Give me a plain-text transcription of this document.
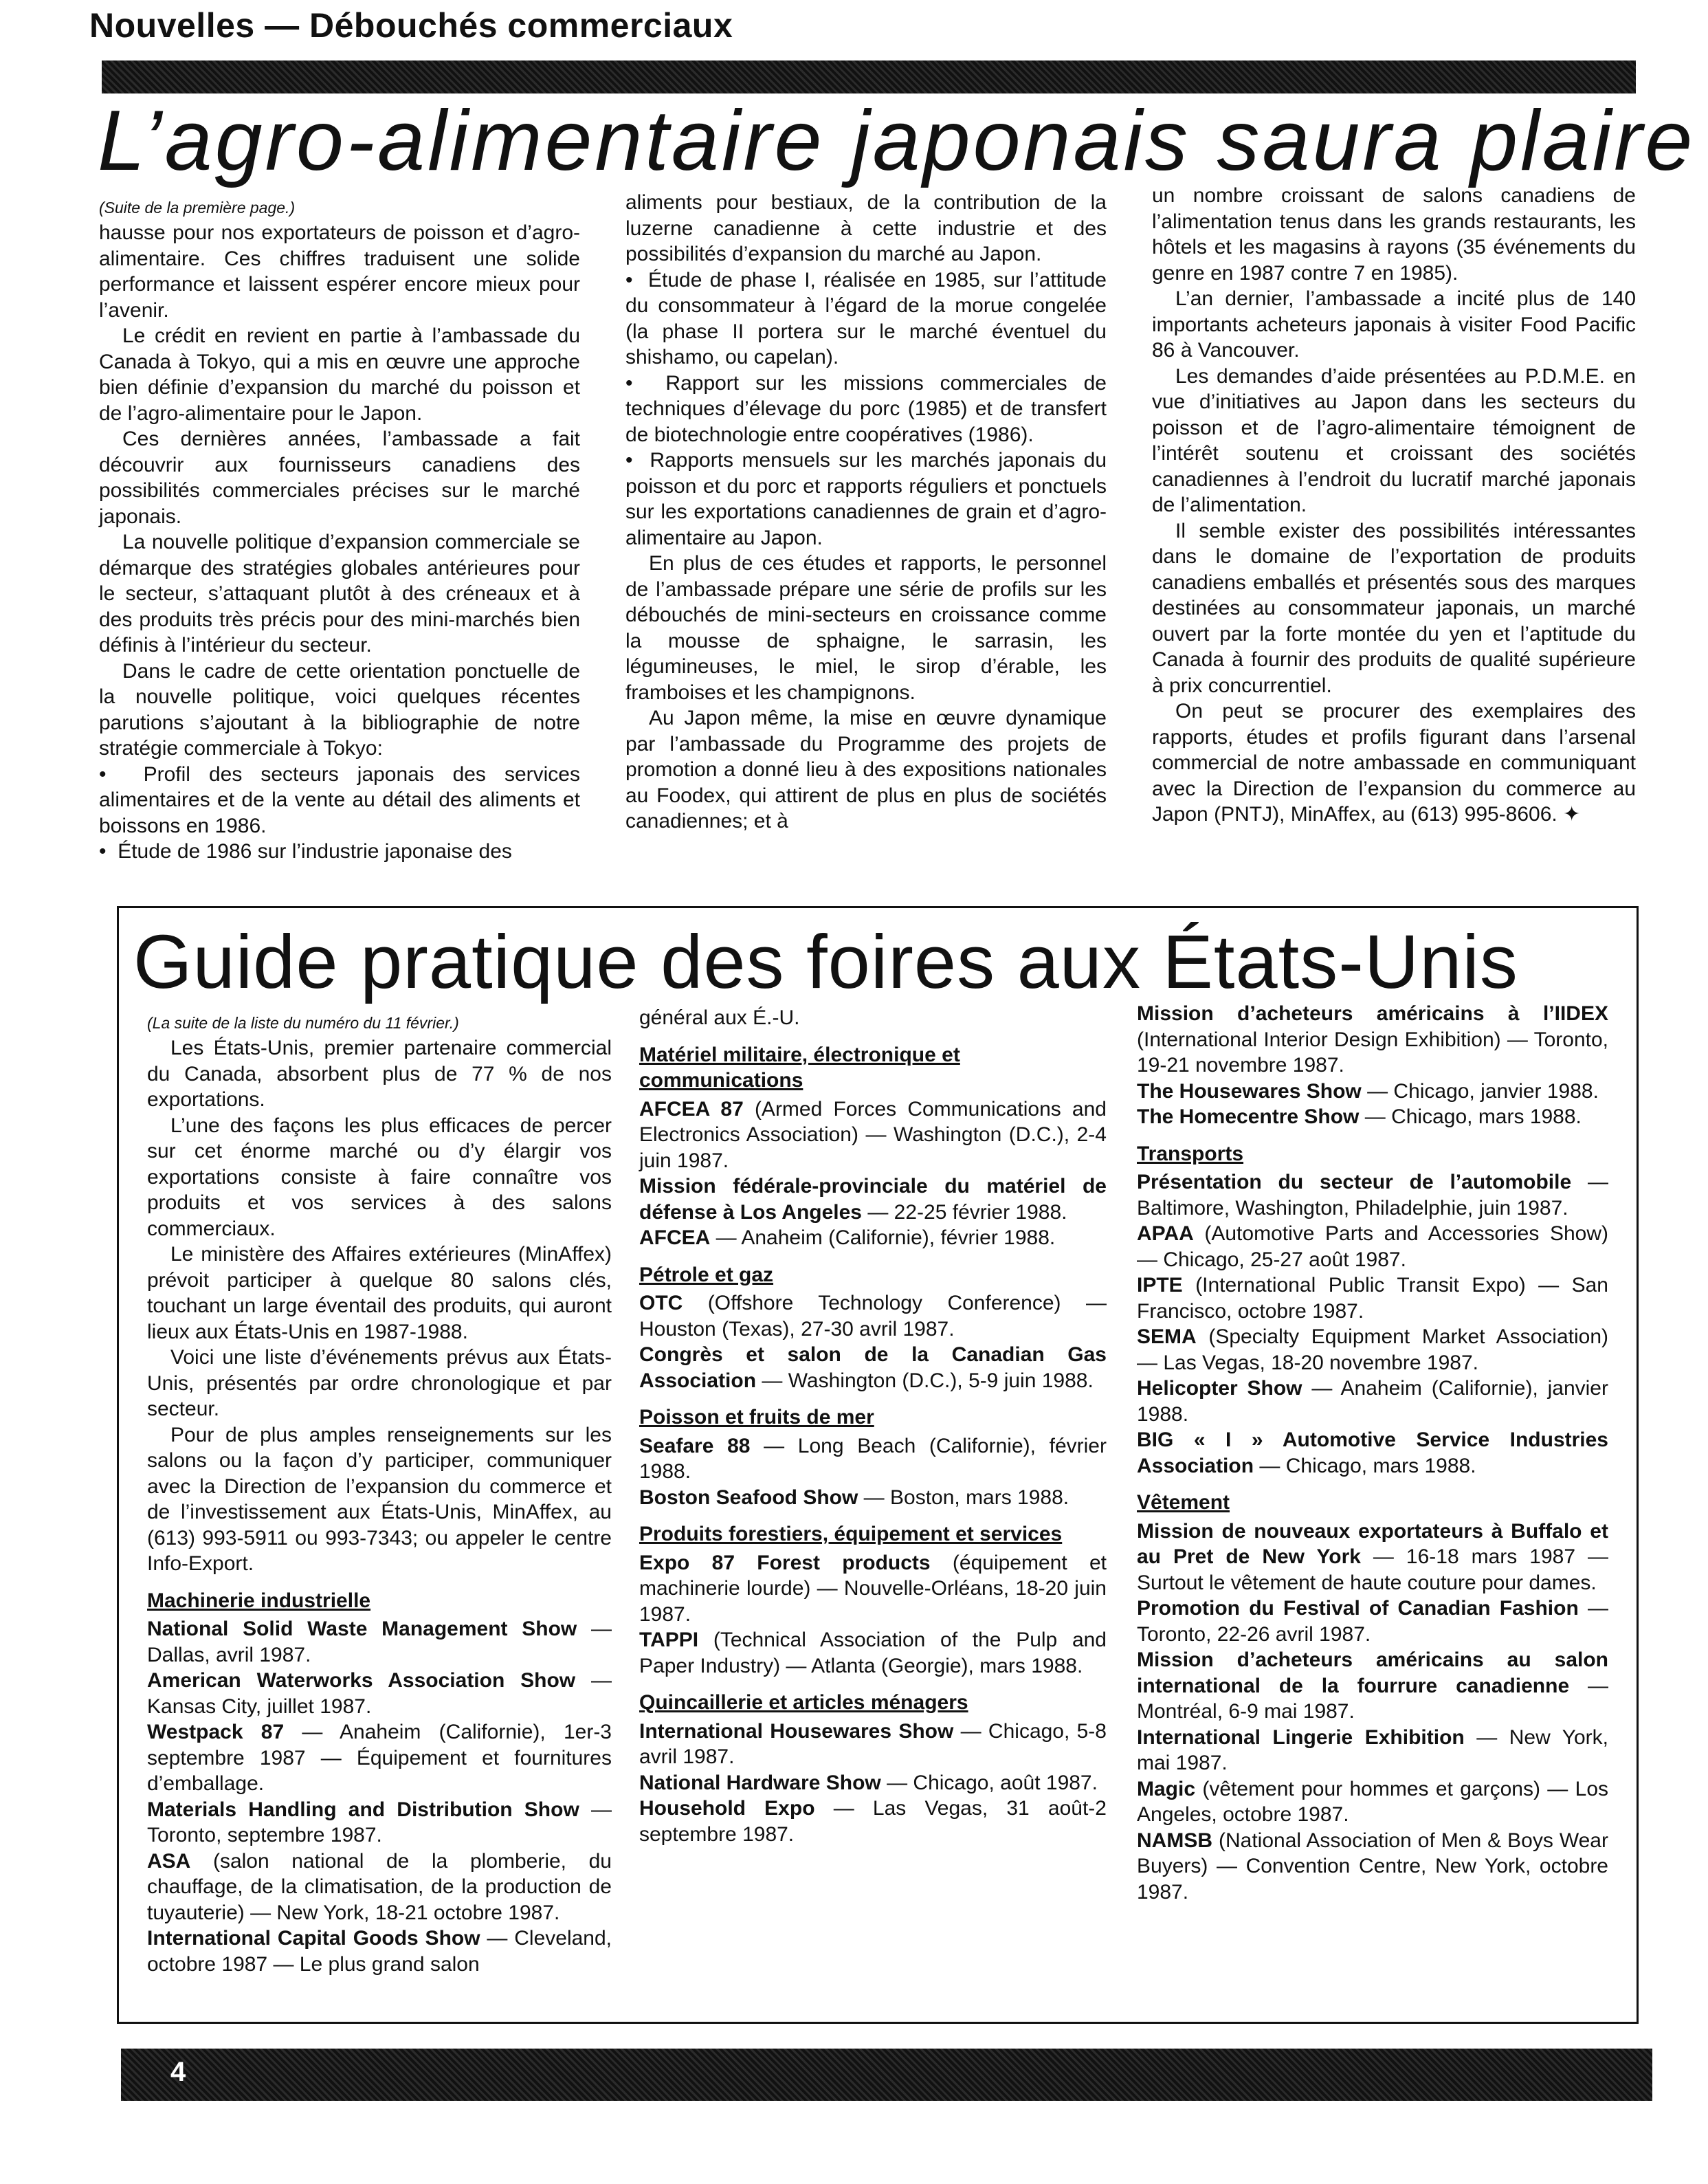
Nouvelles — Débouchés commerciaux
L’agro-alimentaire japonais saura plaire
(Suite de la première page.)

hausse pour nos exportateurs de poisson et d’agro-alimentaire. Ces chiffres traduisent une solide performance et laissent espérer encore mieux pour l’avenir.

Le crédit en revient en partie à l’ambassade du Canada à Tokyo, qui a mis en œuvre une approche bien définie d’expansion du marché du poisson et de l’agro-alimentaire pour le Japon.

Ces dernières années, l’ambassade a fait découvrir aux fournisseurs canadiens des possibilités commerciales précises sur le marché japonais.

La nouvelle politique d’expansion commerciale se démarque des stratégies globales antérieures pour le secteur, s’attaquant plutôt à des créneaux et à des produits très précis pour des mini-marchés bien définis à l’intérieur du secteur.

Dans le cadre de cette orientation ponctuelle de la nouvelle politique, voici quelques récentes parutions s’ajoutant à la bibliographie de notre stratégie commerciale à Tokyo:

•  Profil des secteurs japonais des services alimentaires et de la vente au détail des aliments et boissons en 1986.

•  Étude de 1986 sur l’industrie japonaise des

aliments pour bestiaux, de la contribution de la luzerne canadienne à cette industrie et des possibilités d’expansion du marché au Japon.

•  Étude de phase I, réalisée en 1985, sur l’attitude du consommateur à l’égard de la morue congelée (la phase II portera sur le marché éventuel du shishamo, ou capelan).

•  Rapport sur les missions commerciales de techniques d’élevage du porc (1985) et de transfert de biotechnologie entre coopératives (1986).

•  Rapports mensuels sur les marchés japonais du poisson et du porc et rapports réguliers et ponctuels sur les exportations canadiennes de grain et d’agro-alimentaire au Japon.

En plus de ces études et rapports, le personnel de l’ambassade prépare une série de profils sur les débouchés de mini-secteurs en croissance comme la mousse de sphaigne, le sarrasin, les légumineuses, le miel, le sirop d’érable, les framboises et les champignons.

Au Japon même, la mise en œuvre dynamique par l’ambassade du Programme des projets de promotion a donné lieu à des expositions nationales au Foodex, qui attirent de plus en plus de sociétés canadiennes; et à

un nombre croissant de salons canadiens de l’alimentation tenus dans les grands restaurants, les hôtels et les magasins à rayons (35 événements du genre en 1987 contre 7 en 1985).

L’an dernier, l’ambassade a incité plus de 140 importants acheteurs japonais à visiter Food Pacific 86 à Vancouver.

Les demandes d’aide présentées au P.D.M.E. en vue d’initiatives au Japon dans les secteurs du poisson et de l’agro-alimentaire témoignent de l’intérêt soutenu et croissant des sociétés canadiennes à l’endroit du lucratif marché japonais de l’alimentation.

Il semble exister des possibilités intéressantes dans le domaine de l’exportation de produits canadiens emballés et présentés sous des marques destinées au consommateur japonais, un marché ouvert par la forte montée du yen et l’aptitude du Canada à fournir des produits de qualité supérieure à prix concurrentiel.

On peut se procurer des exemplaires des rapports, études et profils figurant dans l’arsenal commercial de notre ambassade en communiquant avec la Direction de l’expansion du commerce au Japon (PNTJ), MinAffex, au (613) 995-8606. ✦

Guide pratique des foires aux États-Unis
(La suite de la liste du numéro du 11 février.)

Les États-Unis, premier partenaire commercial du Canada, absorbent plus de 77 % de nos exportations.

L’une des façons les plus efficaces de percer sur cet énorme marché ou d’y élargir vos exportations consiste à faire connaître vos produits et vos services à des salons commerciaux.

Le ministère des Affaires extérieures (MinAffex) prévoit participer à quelque 80 salons clés, touchant un large éventail des produits, qui auront lieux aux États-Unis en 1987-1988.

Voici une liste d’événements prévus aux États-Unis, présentés par ordre chronologique et par secteur.

Pour de plus amples renseignements sur les salons ou la façon d’y participer, communiquer avec la Direction de l’expansion du commerce et de l’investissement aux États-Unis, MinAffex, au (613) 993-5911 ou 993-7343; ou appeler le centre Info-Export.

Machinerie industrielle

National Solid Waste Management Show — Dallas, avril 1987.

American Waterworks Association Show — Kansas City, juillet 1987.

Westpack 87 — Anaheim (Californie), 1er-3 septembre 1987 — Équipement et fournitures d’emballage.

Materials Handling and Distribution Show — Toronto, septembre 1987.

ASA (salon national de la plomberie, du chauffage, de la climatisation, de la production de tuyauterie) — New York, 18-21 octobre 1987.

International Capital Goods Show — Cleveland, octobre 1987 — Le plus grand salon

général aux É.-U.

Matériel militaire, électronique et communications

AFCEA 87 (Armed Forces Communications and Electronics Association) — Washington (D.C.), 2-4 juin 1987.

Mission fédérale-provinciale du matériel de défense à Los Angeles — 22-25 février 1988.

AFCEA — Anaheim (Californie), février 1988.

Pétrole et gaz

OTC (Offshore Technology Conference) — Houston (Texas), 27-30 avril 1987.

Congrès et salon de la Canadian Gas Association — Washington (D.C.), 5-9 juin 1988.

Poisson et fruits de mer

Seafare 88 — Long Beach (Californie), février 1988.

Boston Seafood Show — Boston, mars 1988.

Produits forestiers, équipement et services

Expo 87 Forest products (équipement et machinerie lourde) — Nouvelle-Orléans, 18-20 juin 1987.

TAPPI (Technical Association of the Pulp and Paper Industry) — Atlanta (Georgie), mars 1988.

Quincaillerie et articles ménagers

International Housewares Show — Chicago, 5-8 avril 1987.

National Hardware Show — Chicago, août 1987.

Household Expo — Las Vegas, 31 août-2 septembre 1987.

Mission d’acheteurs américains à l’IIDEX (International Interior Design Exhibition) — Toronto, 19-21 novembre 1987.

The Housewares Show — Chicago, janvier 1988.

The Homecentre Show — Chicago, mars 1988.

Transports

Présentation du secteur de l’automobile — Baltimore, Washington, Philadelphie, juin 1987.

APAA (Automotive Parts and Accessories Show) — Chicago, 25-27 août 1987.

IPTE (International Public Transit Expo) — San Francisco, octobre 1987.

SEMA (Specialty Equipment Market Association) — Las Vegas, 18-20 novembre 1987.

Helicopter Show — Anaheim (Californie), janvier 1988.

BIG « I » Automotive Service Industries Association — Chicago, mars 1988.

Vêtement

Mission de nouveaux exportateurs à Buffalo et au Pret de New York — 16-18 mars 1987 — Surtout le vêtement de haute couture pour dames.

Promotion du Festival of Canadian Fashion — Toronto, 22-26 avril 1987.

Mission d’acheteurs américains au salon international de la fourrure canadienne — Montréal, 6-9 mai 1987.

International Lingerie Exhibition — New York, mai 1987.

Magic (vêtement pour hommes et garçons) — Los Angeles, octobre 1987.

NAMSB (National Association of Men & Boys Wear Buyers) — Convention Centre, New York, octobre 1987.

4
